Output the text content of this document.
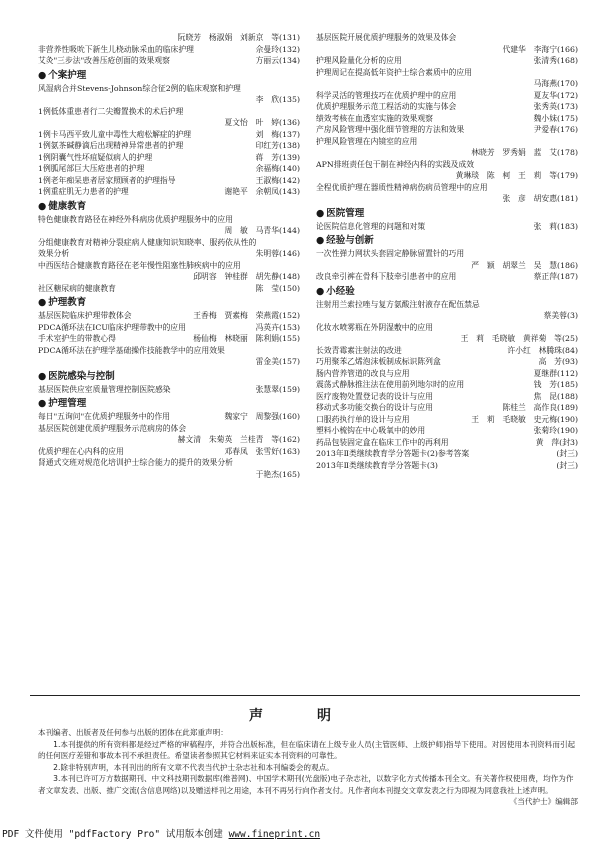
阮晓芳　杨淑娟　刘新京　等(131)
非营养性吸吮下新生儿桡动脉采血的临床护理	佘曼玲(132)
艾灸"三步法"改善压疮创面的效果观察	方丽云(134)
● 个案护理
风湿病合并Stevens-Johnson综合征2例的临床观察和护理
李　欣(135)
1例低体重患者行二尖瓣置换术的术后护理
夏文怡　叶　婷(136)
1例卡马西平致儿童中毒性大疱松解症的护理	刘　梅(137)
1例氨茶碱静滴后出现精神异常患者的护理	印红芳(138)
1例阴囊气性坏疽疑似病人的护理	蒋　芳(139)
1例胍尾部巨大压疮患者的护理	余福梅(140)
1例老年痴呆患者居家照顾者的护理指导	王淑梅(142)
1例重症肌无力患者的护理	谢艳平　余朝凤(143)
● 健康教育
特色健康教育路径在神经外科病房优质护理服务中的应用
周　敏　马青华(144)
分组健康教育对精神分裂症病人健康知识知晓率、服药依从性的
效果分析	朱明蓉(146)
中西医结合健康教育路径在老年慢性阻塞性肺疾病中的应用
邱明容　钟桂群　胡先静(148)
社区糖尿病的健康教育	陈　莹(150)
● 护理教育
基层医院临床护理带教体会	王香梅　贾素梅　荣燕霞(152)
PDCA循环法在ICU临床护理带教中的应用	冯英卉(153)
手术室护生的带教心得	杨仙梅　林晓丽　陈利娟(155)
PDCA循环法在护理学基础操作技能教学中的应用效果
雷金美(157)
● 医院感染与控制
基层医院供应室质量管理控制医院感染	张慧翠(159)
● 护理管理
每日"五询问"在优质护理服务中的作用	魏家宁　周黎强(160)
基层医院创建优质护理服务示范病房的体会
赫文清　朱菊英　兰桂青　等(162)
优质护理在心内科的应用	邓春凤　张雪好(163)
肾通式交班对规范化培训护士综合能力的提升的效果分析
于艳杰(165)
基层医院开展优质护理服务的效果及体会
代建华　李海宁(166)
护理风险量化分析的应用	张清秀(168)
护理周记在提高低年资护士综合素质中的应用
马海燕(170)
科学灵活的管理技巧在优质护理中的应用	夏友华(172)
优质护理服务示范工程活动的实施与体会	张秀英(173)
绩效考核在血透室实施的效果观察	魏小妹(175)
产房风险管理中强化细节管理的方法和效果	尹爱春(176)
护理风险管理在内镜室的应用
林晓芳　罗秀娟　蓝　艾(178)
APN排班责任包干制在神经内科的实践及成效
黄琳琰　陈　柯　王　莉　等(179)
全程优质护理在器质性精神病伤病员管理中的应用
张　彦　胡安惠(181)
● 医院管理
论医院信息化管理的问题和对策	张　莉(183)
● 经验与创新
一次性弹力网状头套固定静脉留置针的巧用
严　颖　胡翠兰　吴　慧(186)
改良牵引裤在骨科下肢牵引患者中的应用	蔡正萍(187)
● 小经验
注射用兰索拉唑与复方氨酸注射液存在配伍禁忌
蔡美蓉(3)
化妆水喷雾瓶在外阴湿敷中的应用
王　莉　毛晓敏　黄祥菊　等(25)
长效青霉素注射法的改进	许小红　林腾珠(84)
巧用聚苯乙烯泡沫板制成标识陈列盒	高　芳(93)
肠内营养管道的改良与应用	夏继群(112)
震荡式静脉推注法在使用前列地尔时的应用	钱　芳(185)
医疗废物处置登记表的设计与应用	焦　昆(188)
移动式多功能交换台的设计与应用	陈桂兰　高作良(189)
口服药执行单的设计与应用	王　莉　毛晓敏　史元梅(190)
塑料小梳钩在中心吸氧中的妙用	张菊玲(190)
药品包装固定盒在临床工作中的再利用	黄　萍(封3)
2013年Ⅱ类继续教育学分答题卡(2)参考答案	(封三)
2013年Ⅱ类继续教育学分答题卡(3)	(封三)
声　明

本刊编者、出版者及任何参与出版的团体在此郑重声明：

　　1.本刊提供的所有资料都是经过严格的审稿程序，并符合出版标准，但在临床请在上级专业人员(主管医师、上级护师)指导下使用。对因使用本刊资料而引起的任何医疗差错和事故本刊不承担责任。希望读者参照其它材料来证实本刊资料的可靠性。

　　2.除非特别声明，本刊刊出的所有文章不代表当代护士杂志社和本刊编委会的观点。

　　3.本刊已许可万方数据期刊、中文科技期刊数据库(维普网)、中国学术期刊(光盘版)电子杂志社，以数字化方式传播本刊全文。有关著作权使用费，均作为作者文章发表、出版、推广交流(含信息网络)以及赠送样刊之用途，本刊不再另行向作者支付。凡作者向本刊提交文章发表之行为即视为同意我社上述声明。

《当代护士》编辑部

PDF 文件使用 "pdfFactory Pro" 试用版本创建 www.fineprint.cn
